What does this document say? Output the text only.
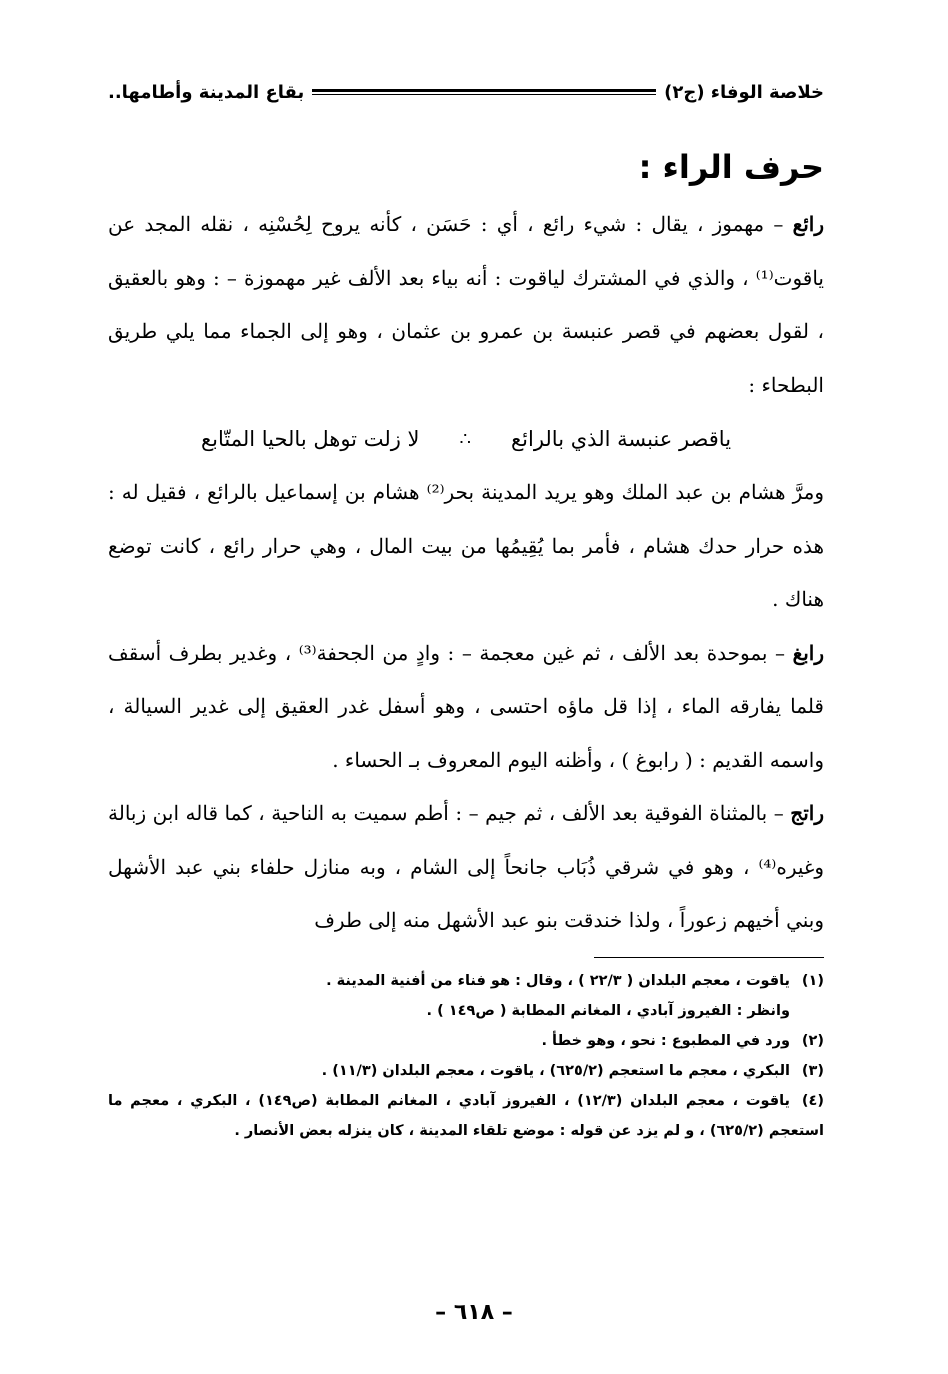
خلاصة الوفاء (ج٢)
بقاع المدينة وأطامها..
حرف الراء :

رائع – مهموز ، يقال : شيء رائع ، أي : حَسَن ، كأنه يروح لِحُسْنِه ، نقله المجد عن ياقوت⁽¹⁾ ، والذي في المشترك لياقوت : أنه بياء بعد الألف غير مهموزة – : وهو بالعقيق ، لقول بعضهم في قصر عنبسة بن عمرو بن عثمان ، وهو إلى الجماء مما يلي طريق البطحاء :

ياقصر عنبسة الذي بالرائع
∴
لا زلت توهل بالحيا المتّابع

ومرَّ هشام بن عبد الملك وهو يريد المدينة بحر⁽²⁾ هشام بن إسماعيل بالرائع ، فقيل له : هذه حرار حدك هشام ، فأمر بما يُقِيمُها من بيت المال ، وهي حرار رائع ، كانت توضع هناك .

رابغ – بموحدة بعد الألف ، ثم غين معجمة – : وادٍ من الجحفة⁽³⁾ ، وغدير بطرف أسقف قلما يفارقه الماء ، إذا قل ماؤه احتسى ، وهو أسفل غدر العقيق إلى غدير السيالة ، واسمه القديم : ( رابوغ ) ، وأظنه اليوم المعروف بـ الحساء .

راتج – بالمثناة الفوقية بعد الألف ، ثم جيم – : أطم سميت به الناحية ، كما قاله ابن زبالة وغيره⁽⁴⁾ ، وهو في شرقي ذُبَاب جانحاً إلى الشام ، وبه منازل حلفاء بني عبد الأشهل وبني أخيهم زعوراً ، ولذا خندقت بنو عبد الأشهل منه إلى طرف

(١)ياقوت ، معجم البلدان ( ٢٢/٣ ) ، وقال : هو فناء من أفنية المدينة .

وانظر : الفيروز آبادي ، المغانم المطابة ( ص١٤٩ ) .

(٢)ورد في المطبوع : نحو ، وهو خطأ .

(٣)البكري ، معجم ما استعجم (٦٢٥/٢) ، ياقوت ، معجم البلدان (١١/٣) .

(٤)ياقوت ، معجم البلدان (١٢/٣) ، الفيروز آبادي ، المغانم المطابة (ص١٤٩) ، البكري ، معجم ما استعجم (٦٢٥/٢) ، و لم يزد عن قوله : موضع تلقاء المدينة ، كان ينزله بعض الأنصار .

– ٦١٨ –
